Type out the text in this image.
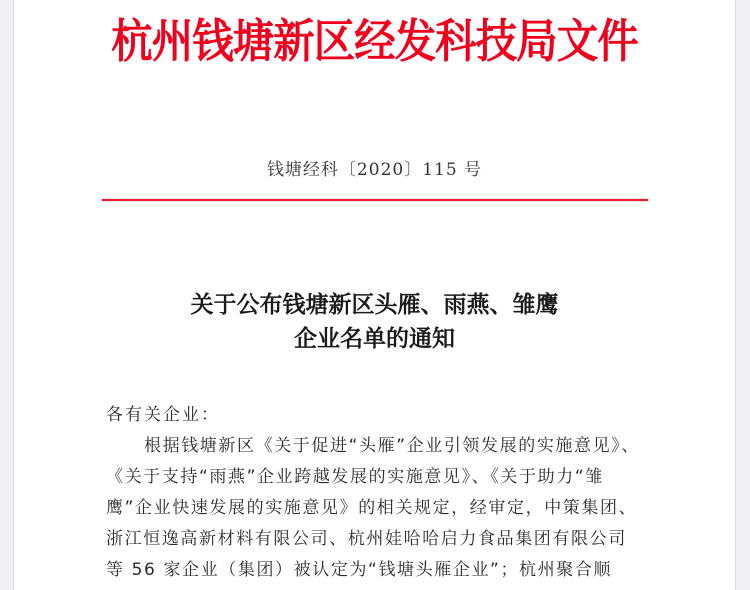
杭州钱塘新区经发科技局文件
钱塘经科〔2020〕115 号
关于公布钱塘新区头雁、雨燕、雏鹰
企业名单的通知

各有关企业：

根据钱塘新区《关于促进“头雁”企业引领发展的实施意见》、

《关于支持“雨燕”企业跨越发展的实施意见》、《关于助力“雏

鹰”企业快速发展的实施意见》的相关规定，经审定，中策集团、

浙江恒逸高新材料有限公司、杭州娃哈哈启力食品集团有限公司

等 56 家企业（集团）被认定为“钱塘头雁企业”；杭州聚合顺
